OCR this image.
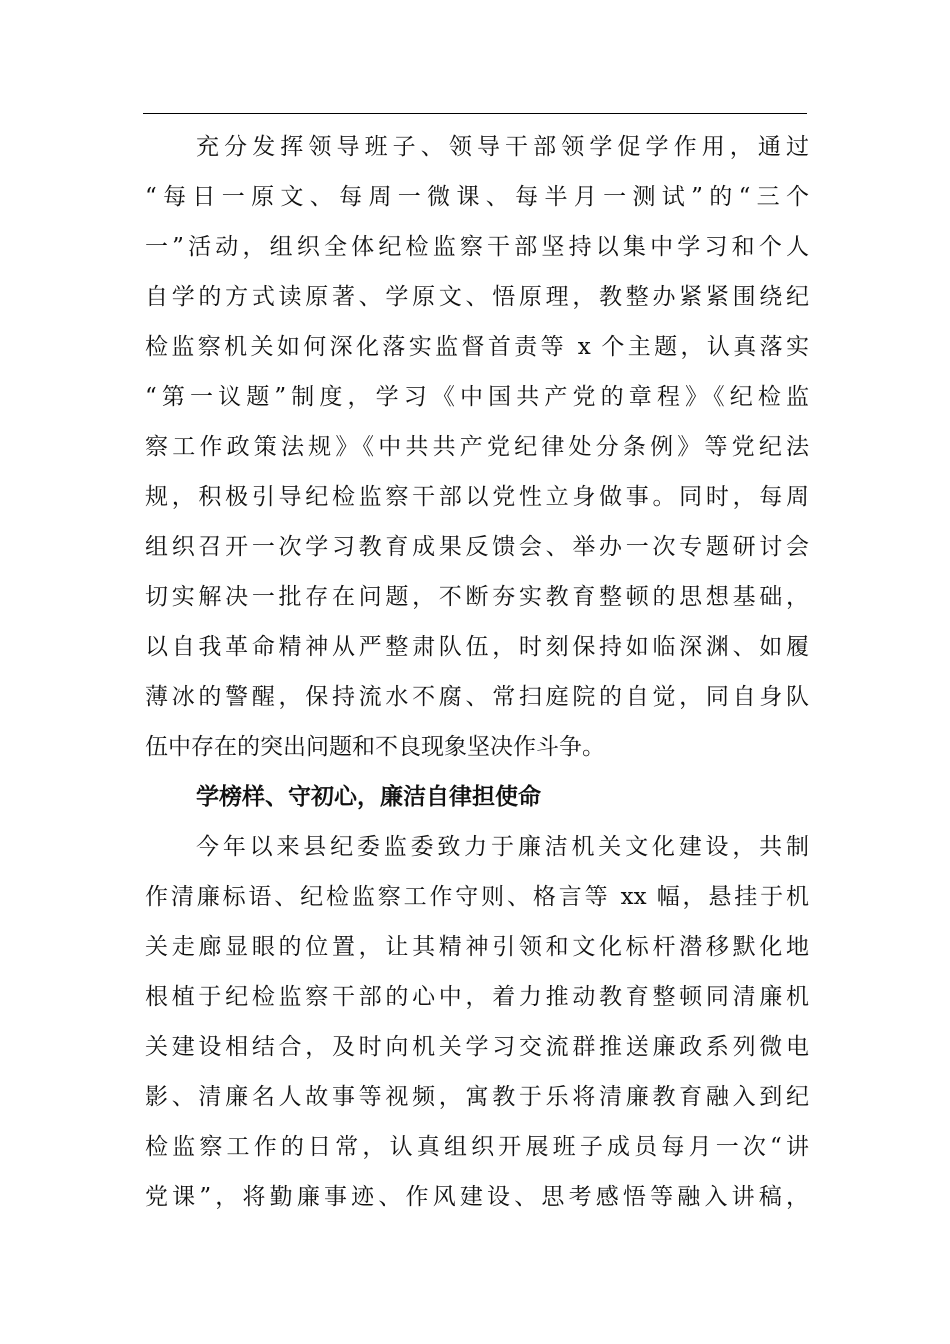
充分发挥领导班子、领导干部领学促学作用，通过
“每日一原文、每周一微课、每半月一测试”的“三个
一”活动，组织全体纪检监察干部坚持以集中学习和个人
自学的方式读原著、学原文、悟原理，教整办紧紧围绕纪
检监察机关如何深化落实监督首责等 x 个主题，认真落实
“第一议题”制度，学习《中国共产党的章程》《纪检监
察工作政策法规》《中共共产党纪律处分条例》等党纪法
规，积极引导纪检监察干部以党性立身做事。同时，每周
组织召开一次学习教育成果反馈会、举办一次专题研讨会
切实解决一批存在问题，不断夯实教育整顿的思想基础，
以自我革命精神从严整肃队伍，时刻保持如临深渊、如履
薄冰的警醒，保持流水不腐、常扫庭院的自觉，同自身队
伍中存在的突出问题和不良现象坚决作斗争。
学榜样、守初心，廉洁自律担使命
今年以来县纪委监委致力于廉洁机关文化建设，共制
作清廉标语、纪检监察工作守则、格言等 xx 幅，悬挂于机
关走廊显眼的位置，让其精神引领和文化标杆潜移默化地
根植于纪检监察干部的心中，着力推动教育整顿同清廉机
关建设相结合，及时向机关学习交流群推送廉政系列微电
影、清廉名人故事等视频，寓教于乐将清廉教育融入到纪
检监察工作的日常，认真组织开展班子成员每月一次“讲
党课”，将勤廉事迹、作风建设、思考感悟等融入讲稿，
